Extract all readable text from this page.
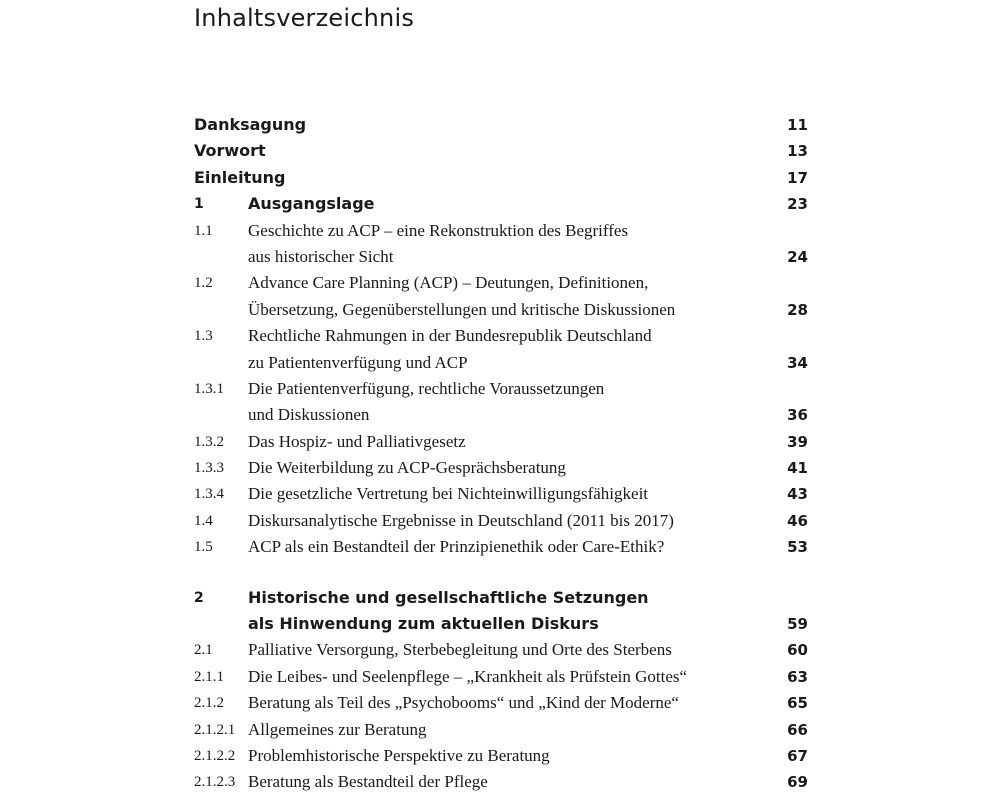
Inhaltsverzeichnis
Danksagung	11
Vorwort	13
Einleitung	17
1	Ausgangslage	23
1.1 Geschichte zu ACP – eine Rekonstruktion des Begriffes
aus historischer Sicht	24
1.2 Advance Care Planning (ACP) – Deutungen, Definitionen,
Übersetzung, Gegenüberstellungen und kritische Diskussionen	28
1.3 Rechtliche Rahmungen in der Bundesrepublik Deutschland
zu Patientenverfügung und ACP	34
1.3.1 Die Patientenverfügung, rechtliche Voraussetzungen
und Diskussionen	36
1.3.2 Das Hospiz- und Palliativgesetz	39
1.3.3 Die Weiterbildung zu ACP-Gesprächsberatung	41
1.3.4 Die gesetzliche Vertretung bei Nichteinwilligungsfähigkeit	43
1.4 Diskursanalytische Ergebnisse in Deutschland (2011 bis 2017)	46
1.5 ACP als ein Bestandteil der Prinzipienethik oder Care-Ethik?	53
2	Historische und gesellschaftliche Setzungen
als Hinwendung zum aktuellen Diskurs	59
2.1 Palliative Versorgung, Sterbebegleitung und Orte des Sterbens	60
2.1.1 Die Leibes- und Seelenpflege – „Krankheit als Prüfstein Gottes“	63
2.1.2 Beratung als Teil des „Psychobooms“ und „Kind der Moderne“	65
2.1.2.1 Allgemeines zur Beratung	66
2.1.2.2 Problemhistorische Perspektive zu Beratung	67
2.1.2.3 Beratung als Bestandteil der Pflege	69
